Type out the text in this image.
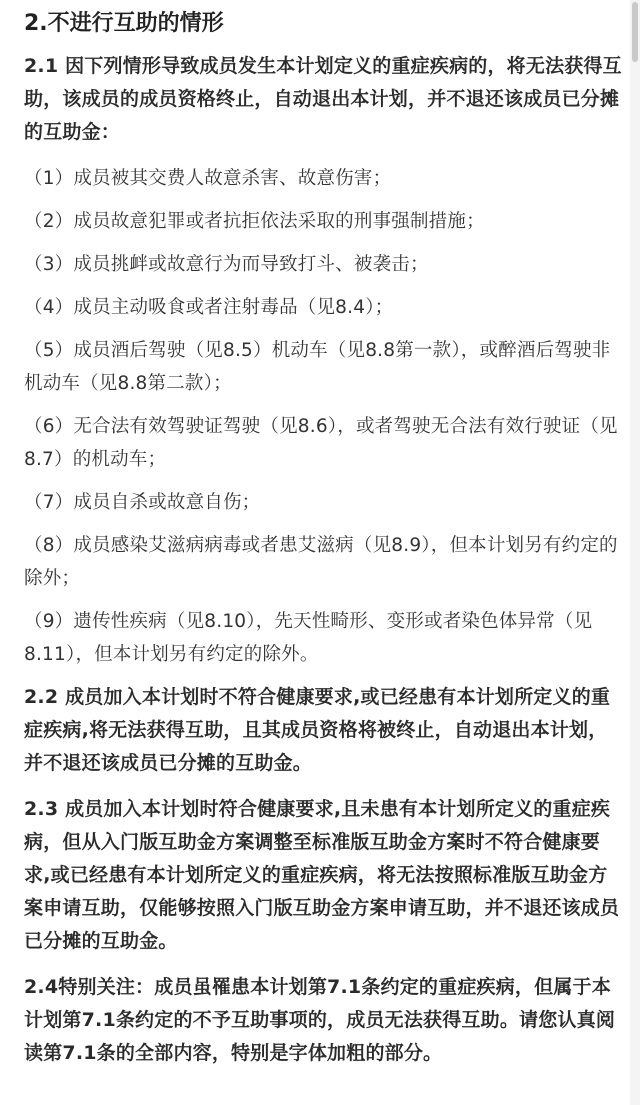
2.不进行互助的情形
2.1 因下列情形导致成员发生本计划定义的重症疾病的，将无法获得互助，该成员的成员资格终止，自动退出本计划，并不退还该成员已分摊的互助金：
（1）成员被其交费人故意杀害、故意伤害；
（2）成员故意犯罪或者抗拒依法采取的刑事强制措施；
（3）成员挑衅或故意行为而导致打斗、被袭击；
（4）成员主动吸食或者注射毒品（见8.4）；
（5）成员酒后驾驶（见8.5）机动车（见8.8第一款），或醉酒后驾驶非机动车（见8.8第二款）；
（6）无合法有效驾驶证驾驶（见8.6），或者驾驶无合法有效行驶证（见8.7）的机动车；
（7）成员自杀或故意自伤；
（8）成员感染艾滋病病毒或者患艾滋病（见8.9），但本计划另有约定的除外；
（9）遗传性疾病（见8.10），先天性畸形、变形或者染色体异常（见8.11），但本计划另有约定的除外。
2.2 成员加入本计划时不符合健康要求,或已经患有本计划所定义的重症疾病,将无法获得互助，且其成员资格将被终止，自动退出本计划，并不退还该成员已分摊的互助金。
2.3 成员加入本计划时符合健康要求,且未患有本计划所定义的重症疾病，但从入门版互助金方案调整至标准版互助金方案时不符合健康要求,或已经患有本计划所定义的重症疾病，将无法按照标准版互助金方案申请互助，仅能够按照入门版互助金方案申请互助，并不退还该成员已分摊的互助金。
2.4特别关注：成员虽罹患本计划第7.1条约定的重症疾病，但属于本计划第7.1条约定的不予互助事项的，成员无法获得互助。请您认真阅读第7.1条的全部内容，特别是字体加粗的部分。
